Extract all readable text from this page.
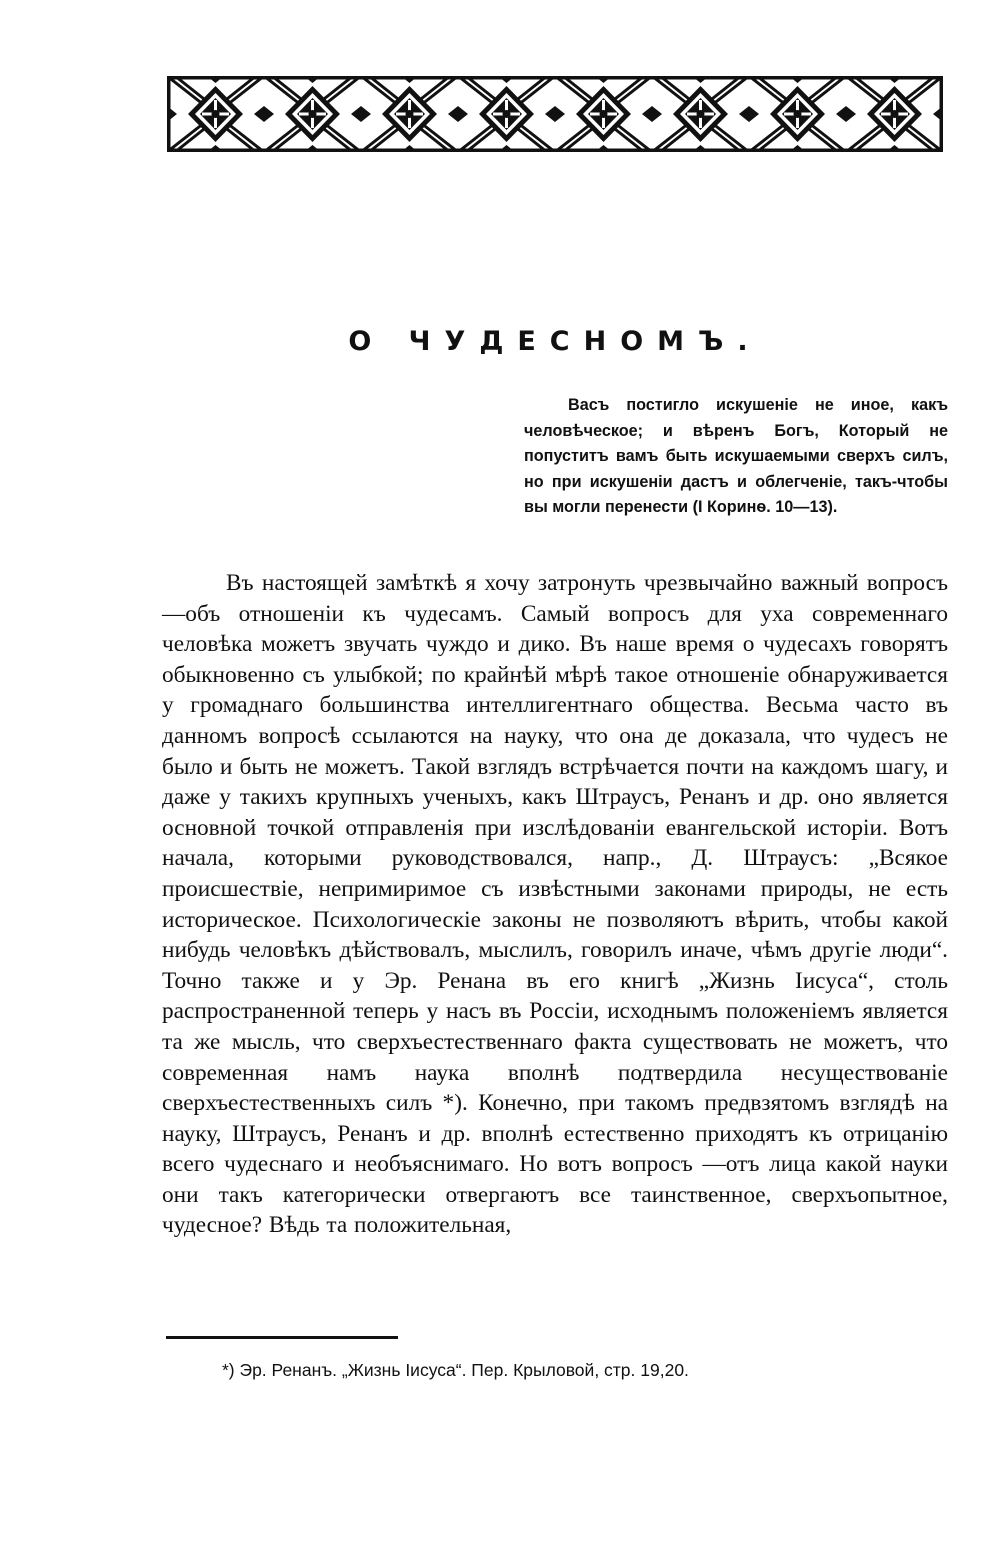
О ЧУДЕСНОМЪ.

Васъ постигло искушенiе не иное, какъ человѣческое; и вѣренъ Богъ, Который не попуститъ вамъ быть искушаемыми сверхъ силъ, но при искушенiи дастъ и облегченiе, такъ-чтобы вы могли перенести (I Коринѳ. 10—13).

Въ настоящей замѣткѣ я хочу затронуть чрезвычайно важный вопросъ—объ отношенiи къ чудесамъ. Самый вопросъ для уха современнаго человѣка можетъ звучать чуждо и дико. Въ наше время о чудесахъ говорятъ обыкновенно съ улыбкой; по крайнѣй мѣрѣ такое отношенiе обнаруживается у громаднаго большинства интеллигентнаго общества. Весьма часто въ данномъ вопросѣ ссылаются на науку, что она де доказала, что чудесъ не было и быть не можетъ. Такой взглядъ встрѣчается почти на каждомъ шагу, и даже у такихъ крупныхъ ученыхъ, какъ Штраусъ, Ренанъ и др. оно является основной точкой отправленiя при изслѣдованiи евангельской исторiи. Вотъ начала, которыми руководствовался, напр., Д. Штраусъ: „Всякое происшествiе, непримиримое съ извѣстными законами природы, не есть историческое. Психологическiе законы не позволяютъ вѣрить, чтобы какой нибудь человѣкъ дѣйствовалъ, мыслилъ, говорилъ иначе, чѣмъ другiе люди“. Точно также и у Эр. Ренана въ его книгѣ „Жизнь Iисуса“, столь распространенной теперь у насъ въ Россiи, исходнымъ положенiемъ является та же мысль, что сверхъестественнаго факта существовать не можетъ, что современная намъ наука вполнѣ подтвердила несуществованiе сверхъестественныхъ силъ *). Конечно, при такомъ предвзятомъ взглядѣ на науку, Штраусъ, Ренанъ и др. вполнѣ естественно приходятъ къ отрицанiю всего чудеснаго и необъяснимаго. Но вотъ вопросъ —отъ лица какой науки они такъ категорически отвергаютъ все таинственное, сверхъопытное, чудесное? Вѣдь та положительная,

*) Эр. Ренанъ. „Жизнь Iисуса“. Пер. Крыловой, стр. 19,20.
